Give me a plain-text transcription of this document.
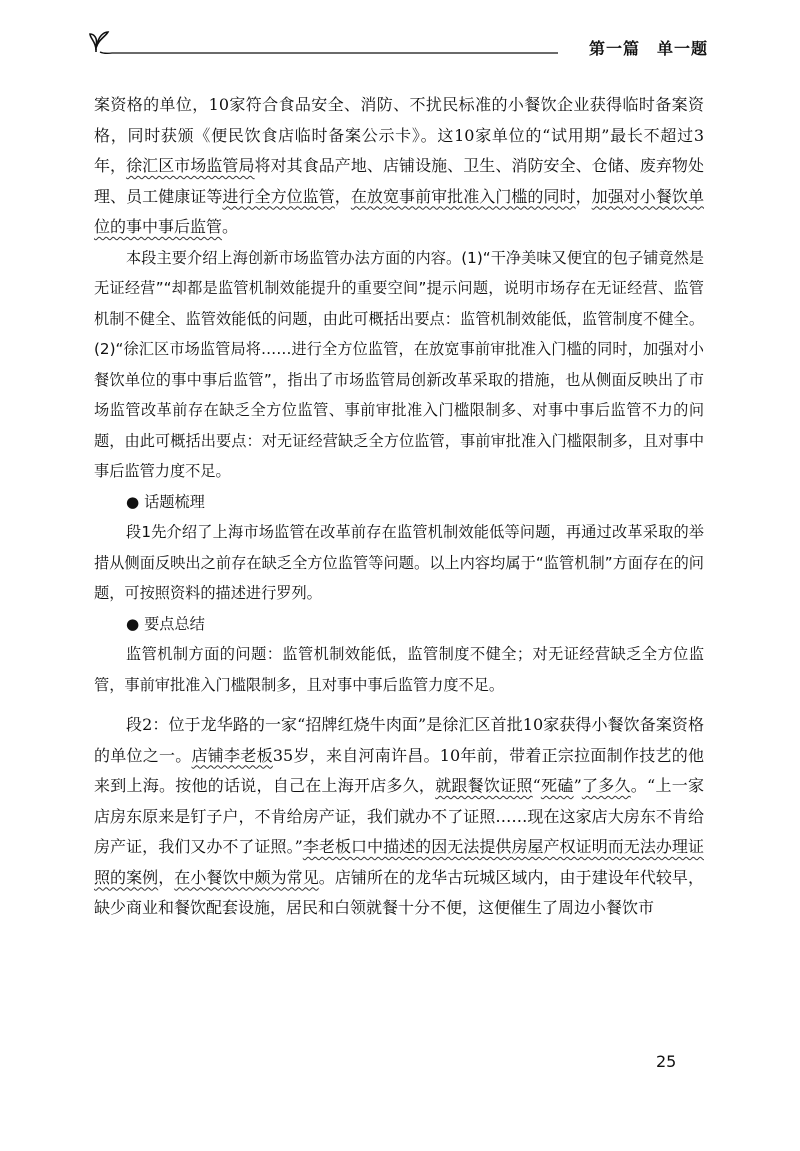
第一篇　单一题

案资格的单位，10家符合食品安全、消防、不扰民标准的小餐饮企业获得临时备案资格，同时获颁《便民饮食店临时备案公示卡》。这10家单位的“试用期”最长不超过3年，徐汇区市场监管局将对其食品产地、店铺设施、卫生、消防安全、仓储、废弃物处理、员工健康证等进行全方位监管，在放宽事前审批准入门槛的同时，加强对小餐饮单位的事中事后监管。

本段主要介绍上海创新市场监管办法方面的内容。(1)“干净美味又便宜的包子铺竟然是无证经营”“却都是监管机制效能提升的重要空间”提示问题，说明市场存在无证经营、监管机制不健全、监管效能低的问题，由此可概括出要点：监管机制效能低，监管制度不健全。(2)“徐汇区市场监管局将……进行全方位监管，在放宽事前审批准入门槛的同时，加强对小餐饮单位的事中事后监管”，指出了市场监管局创新改革采取的措施，也从侧面反映出了市场监管改革前存在缺乏全方位监管、事前审批准入门槛限制多、对事中事后监管不力的问题，由此可概括出要点：对无证经营缺乏全方位监管，事前审批准入门槛限制多，且对事中事后监管力度不足。

● 话题梳理

段1先介绍了上海市场监管在改革前存在监管机制效能低等问题，再通过改革采取的举措从侧面反映出之前存在缺乏全方位监管等问题。以上内容均属于“监管机制”方面存在的问题，可按照资料的描述进行罗列。

● 要点总结

监管机制方面的问题：监管机制效能低，监管制度不健全；对无证经营缺乏全方位监管，事前审批准入门槛限制多，且对事中事后监管力度不足。

段2：位于龙华路的一家“招牌红烧牛肉面”是徐汇区首批10家获得小餐饮备案资格的单位之一。店铺李老板35岁，来自河南许昌。10年前，带着正宗拉面制作技艺的他来到上海。按他的话说，自己在上海开店多久，就跟餐饮证照“死磕”了多久。“上一家店房东原来是钉子户，不肯给房产证，我们就办不了证照……现在这家店大房东不肯给房产证，我们又办不了证照。”李老板口中描述的因无法提供房屋产权证明而无法办理证照的案例，在小餐饮中颇为常见。店铺所在的龙华古玩城区域内，由于建设年代较早，缺少商业和餐饮配套设施，居民和白领就餐十分不便，这便催生了周边小餐饮市

25
